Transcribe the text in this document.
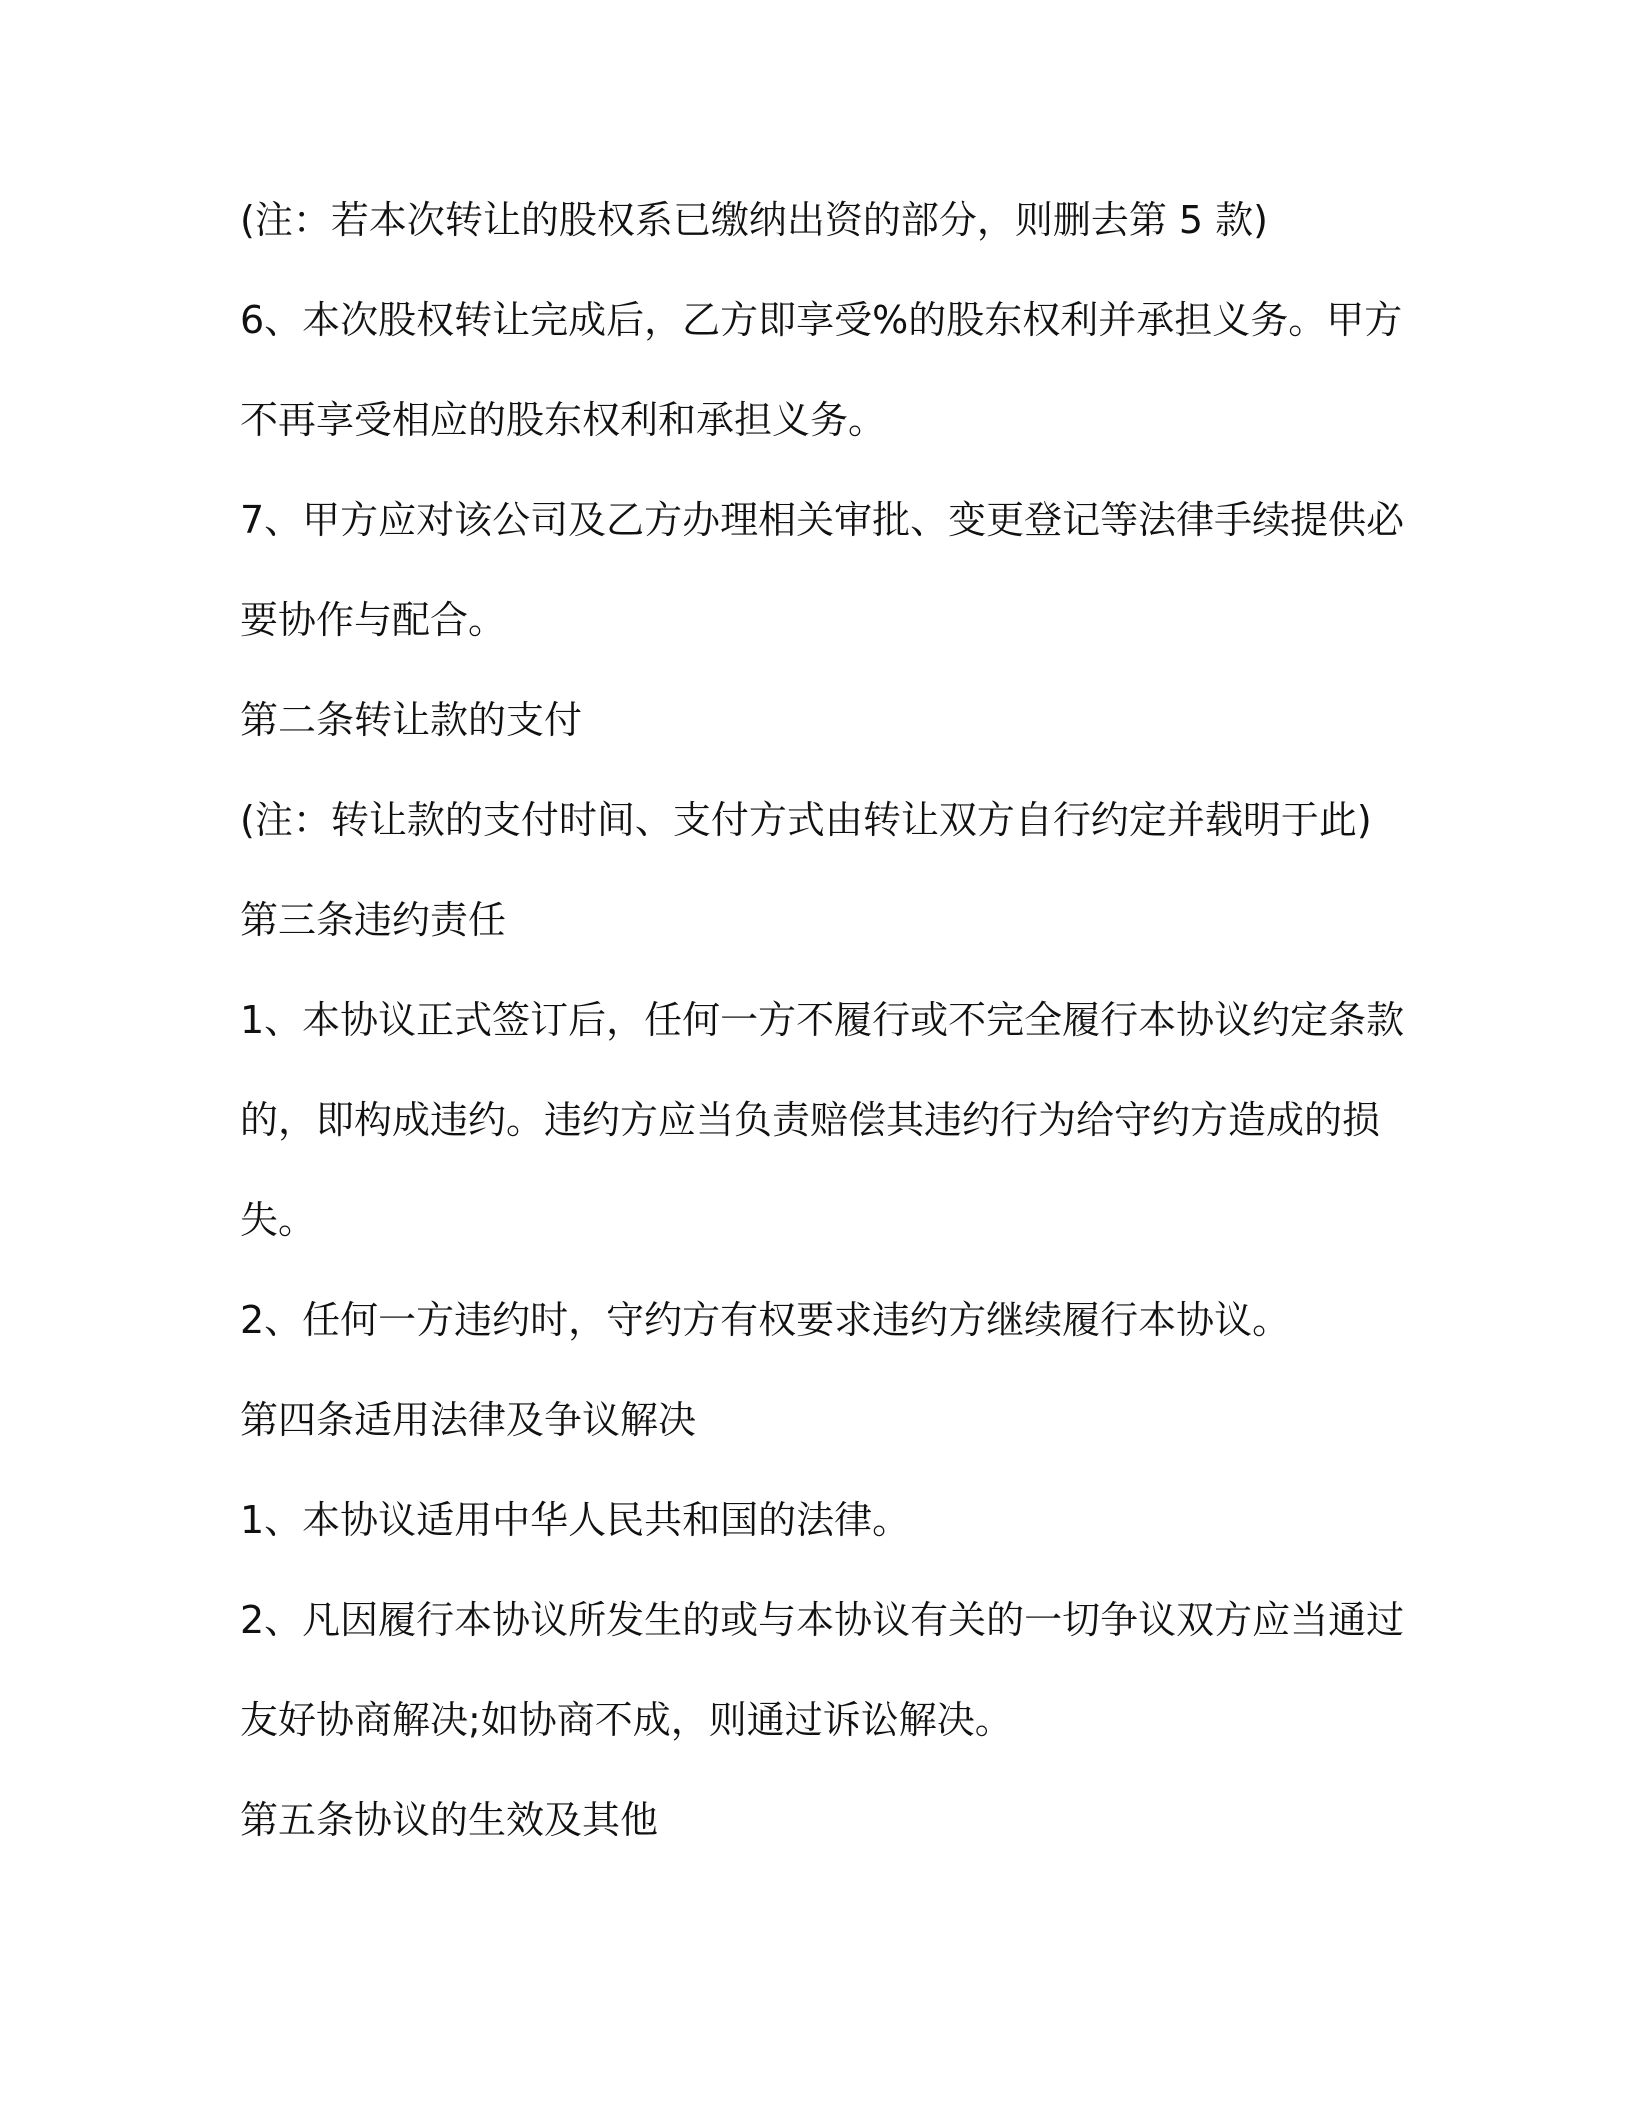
(注：若本次转让的股权系已缴纳出资的部分，则删去第 5 款)
6、本次股权转让完成后，乙方即享受%的股东权利并承担义务。甲方
不再享受相应的股东权利和承担义务。
7、甲方应对该公司及乙方办理相关审批、变更登记等法律手续提供必
要协作与配合。
第二条转让款的支付
(注：转让款的支付时间、支付方式由转让双方自行约定并载明于此)
第三条违约责任
1、本协议正式签订后，任何一方不履行或不完全履行本协议约定条款
的，即构成违约。违约方应当负责赔偿其违约行为给守约方造成的损
失。
2、任何一方违约时，守约方有权要求违约方继续履行本协议。
第四条适用法律及争议解决
1、本协议适用中华人民共和国的法律。
2、凡因履行本协议所发生的或与本协议有关的一切争议双方应当通过
友好协商解决;如协商不成，则通过诉讼解决。
第五条协议的生效及其他
